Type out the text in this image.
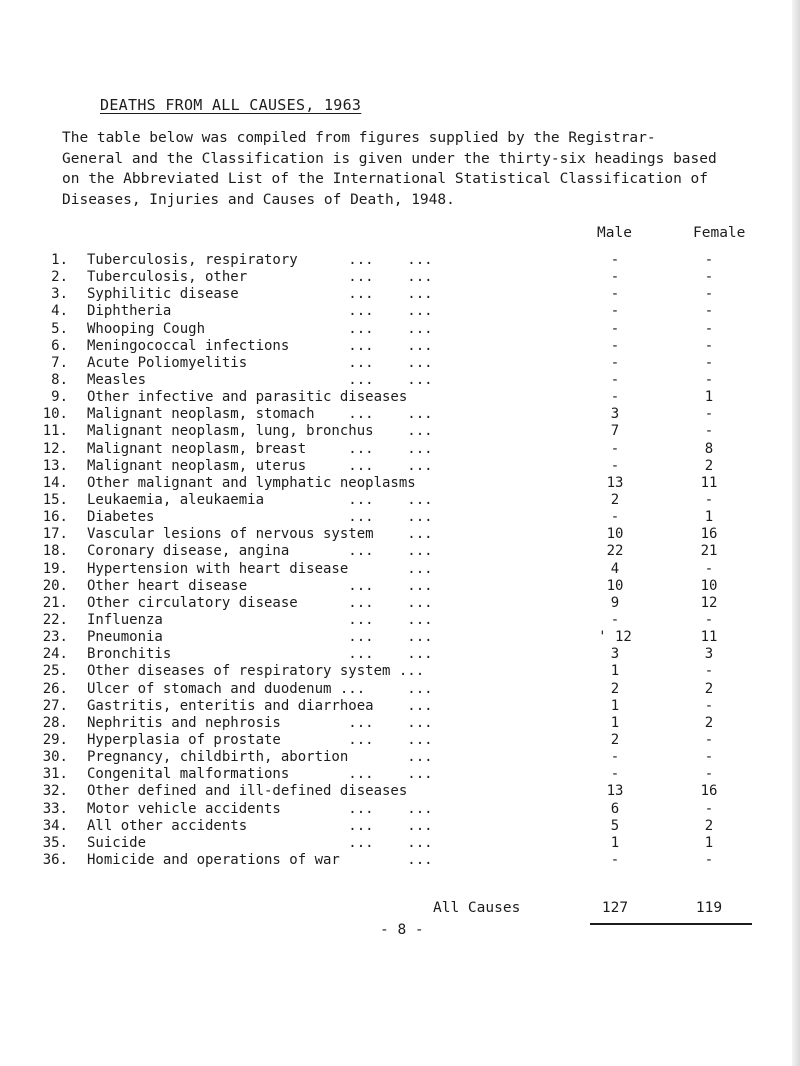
DEATHS FROM ALL CAUSES, 1963

The table below was compiled from figures supplied by the Registrar-

General and the Classification is given under the thirty-six headings based

on the Abbreviated List of the International Statistical Classification of

Diseases, Injuries and Causes of Death, 1948.

Male	Female
1. Tuberculosis, respiratory      ...    ...	-	-
2. Tuberculosis, other            ...    ...	-	-
3. Syphilitic disease             ...    ...	-	-
4. Diphtheria                     ...    ...	-	-
5. Whooping Cough                 ...    ...	-	-
6. Meningococcal infections       ...    ...	-	-
7. Acute Poliomyelitis            ...    ...	-	-
8. Measles                        ...    ...	-	-
9. Other infective and parasitic diseases	-	1
10. Malignant neoplasm, stomach    ...    ...	3	-
11. Malignant neoplasm, lung, bronchus    ...	7	-
12. Malignant neoplasm, breast     ...    ...	-	8
13. Malignant neoplasm, uterus     ...    ...	-	2
14. Other malignant and lymphatic neoplasms	13	11
15. Leukaemia, aleukaemia          ...    ...	2	-
16. Diabetes                       ...    ...	-	1
17. Vascular lesions of nervous system    ...	10	16
18. Coronary disease, angina       ...    ...	22	21
19. Hypertension with heart disease       ...	4	-
20. Other heart disease            ...    ...	10	10
21. Other circulatory disease      ...    ...	9	12
22. Influenza                      ...    ...	-	-
23. Pneumonia                      ...    ...	' 12	11
24. Bronchitis                     ...    ...	3	3
25. Other diseases of respiratory system ...	1	-
26. Ulcer of stomach and duodenum ...     ...	2	2
27. Gastritis, enteritis and diarrhoea    ...	1	-
28. Nephritis and nephrosis        ...    ...	1	2
29. Hyperplasia of prostate        ...    ...	2	-
30. Pregnancy, childbirth, abortion       ...	-	-
31. Congenital malformations       ...    ...	-	-
32. Other defined and ill-defined diseases	13	16
33. Motor vehicle accidents        ...    ...	6	-
34. All other accidents            ...    ...	5	2
35. Suicide                        ...    ...	1	1
36. Homicide and operations of war        ...	-	-
All Causes	127	119
- 8 -
